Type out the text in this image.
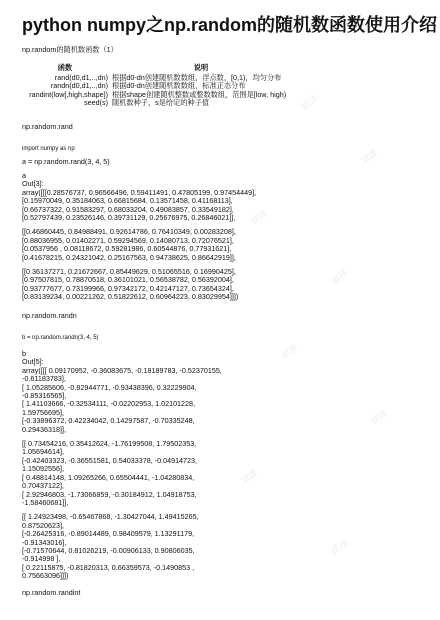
python numpy之np.random的随机数函数使用介绍
np.random的随机数函数（1）
函数	说明
rand(d0,d1,..,dn)	根据d0‐dn创建随机数数组，浮点数，[0,1)，均匀分布
randn(d0,d1,..,dn)	根据d0‐dn创建随机数数组，标准正态分布
randint(low[,high,shape])	根据shape创建随机整数或整数数组，范围是[low, high)
seed(s)	随机数种子，s是给定的种子值
np.random.rand
import numpy as np
a = np.random.rand(3, 4, 5)
a
Out[3]:
array([[[0.28576737, 0.96566496, 0.59411491, 0.47805199, 0.97454449],
[0.15970049, 0.35184063, 0.66815684, 0.13571458, 0.41168113],
[0.66737322, 0.91583297, 0.68033204, 0.49083857, 0.33549182],
[0.52797439, 0.23526146, 0.39731129, 0.25676975, 0.26846021]],
[[0.46860445, 0.84988491, 0.92614786, 0.76410349, 0.00283208],
[0.88036955, 0.01402271, 0.59294569, 0.14080713, 0.72076521],
[0.0537956 , 0.08118672, 0.59281986, 0.60544876, 0.77931621],
[0.41678215, 0.24321042, 0.25167563, 0.94738625, 0.86642919]],
[[0.36137271, 0.21672667, 0.85449629, 0.51065516, 0.16990425],
[0.97507815, 0.78870518, 0.36101021, 0.56538782, 0.56392004],
[0.93777677, 0.73199966, 0.97342172, 0.42147127, 0.73654324],
[0.83139234, 0.00221262, 0.51822612, 0.60964223, 0.83029954]]])
np.random.randn
b = np.random.randn(3, 4, 5)
b
Out[5]:
array([[[ 0.09170952, -0.36083675, -0.18189783, -0.52370155,
-0.61183783],
[ 1.05285606, -0.82944771, -0.93438396, 0.32229904,
-0.85316565],
[ 1.41103666, -0.32534111, -0.02202953, 1.02101228,
1.59756695],
[-0.33896372, 0.42234042, 0.14297587, -0.70335248,
0.29436318]],
[[ 0.73454216, 0.35412624, -1.76199508, 1.79502353,
1.05694614],
[-0.42403323, -0.36551581, 0.54033378, -0.04914723,
1.15092556],
[ 0.48814148, 1.09265266, 0.65504441, -1.04280834,
0.70437122],
[ 2.92946803, -1.73066859, -0.30184912, 1.04918753,
-1.58460681]],
[[ 1.24923498, -0.65467868, -1.30427044, 1.49415265,
0.87520623],
[-0.26425316, -0.89014489, 0.98409579, 1.13291179,
-0.91343016],
[-0.71570644, 0.81026219, -0.00906133, 0.90806035,
-0.914998 ],
[ 0.22115875, -0.81820313, 0.66359573, -0.1490853 ,
0.75663096]]])
np.random.randint
试读
试读
试读
试读
试读
试读
试读
试读
